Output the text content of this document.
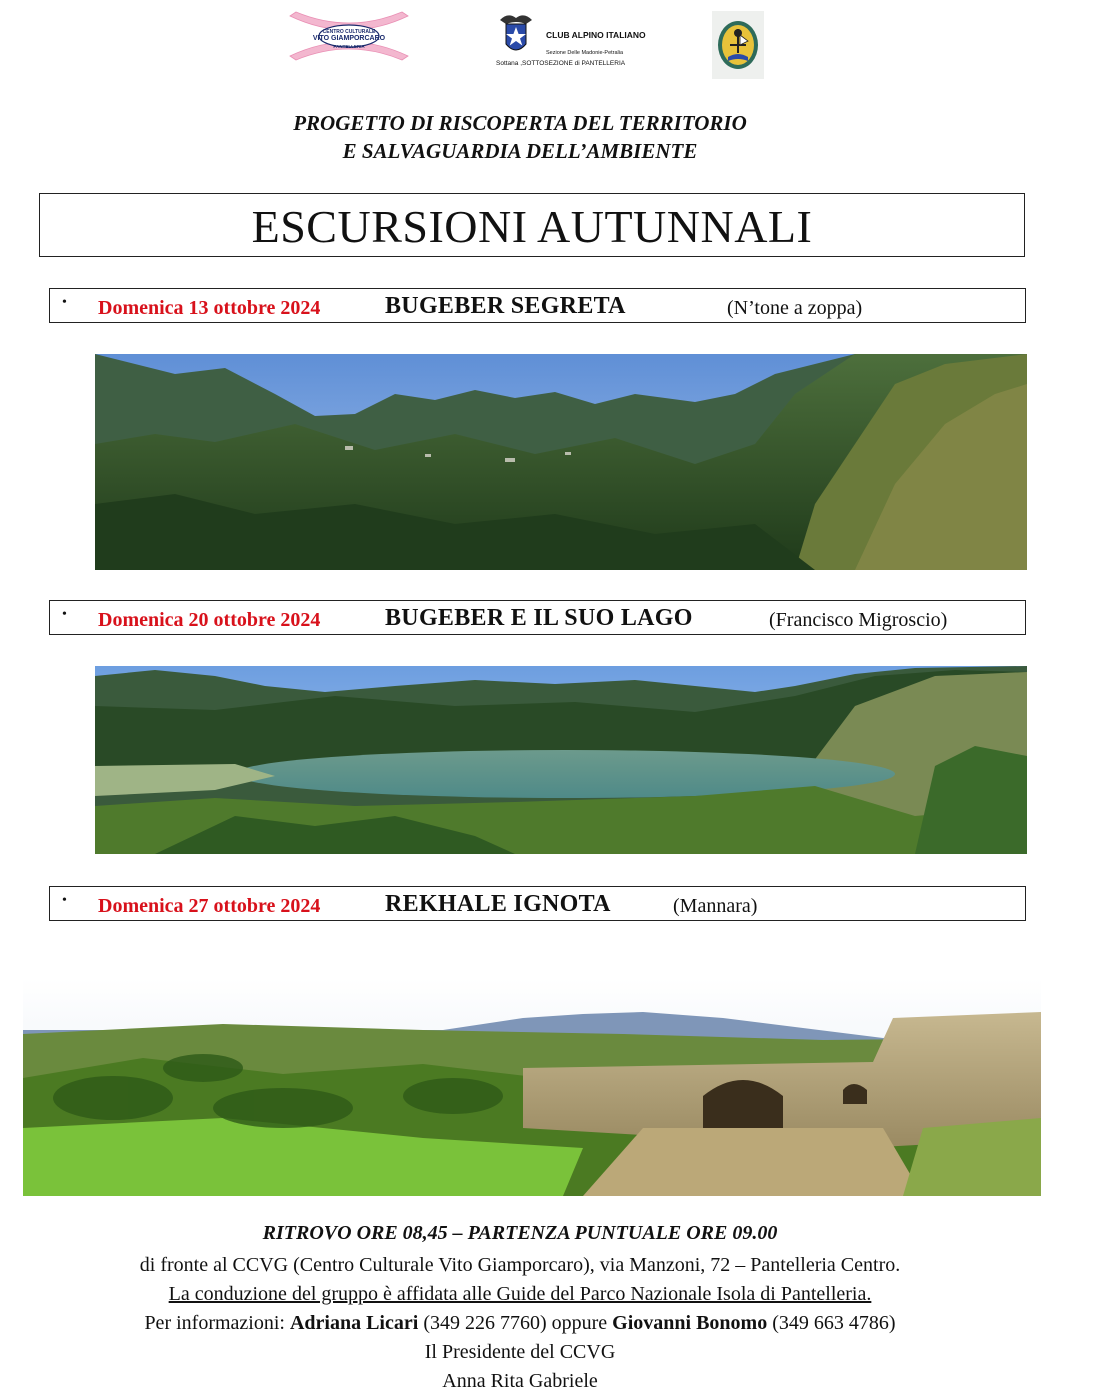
CENTRO CULTURALE
VITO GIAMPORCARO
PANTELLERIA
CLUB ALPINO ITALIANO
Sezione Delle Madonie-Petralia
Sottana ,SOTTOSEZIONE di PANTELLERIA
PROGETTO DI RISCOPERTA DEL TERRITORIO
E SALVAGUARDIA DELL’AMBIENTE
ESCURSIONI AUTUNNALI
• Domenica 13 ottobre 2024	BUGEBER SEGRETA	(N’tone a zoppa)
• Domenica 20 ottobre 2024	BUGEBER E IL SUO LAGO	(Francisco Migroscio)
• Domenica 27 ottobre 2024	REKHALE IGNOTA	(Mannara)
RITROVO ORE 08,45 – PARTENZA PUNTUALE ORE 09.00
di fronte al CCVG (Centro Culturale Vito Giamporcaro), via Manzoni, 72 – Pantelleria Centro.
La conduzione del gruppo è affidata alle Guide del Parco Nazionale Isola di Pantelleria.
Per informazioni: Adriana Licari (349 226 7760) oppure Giovanni Bonomo (349 663 4786)
Il Presidente del CCVG
Anna Rita Gabriele
